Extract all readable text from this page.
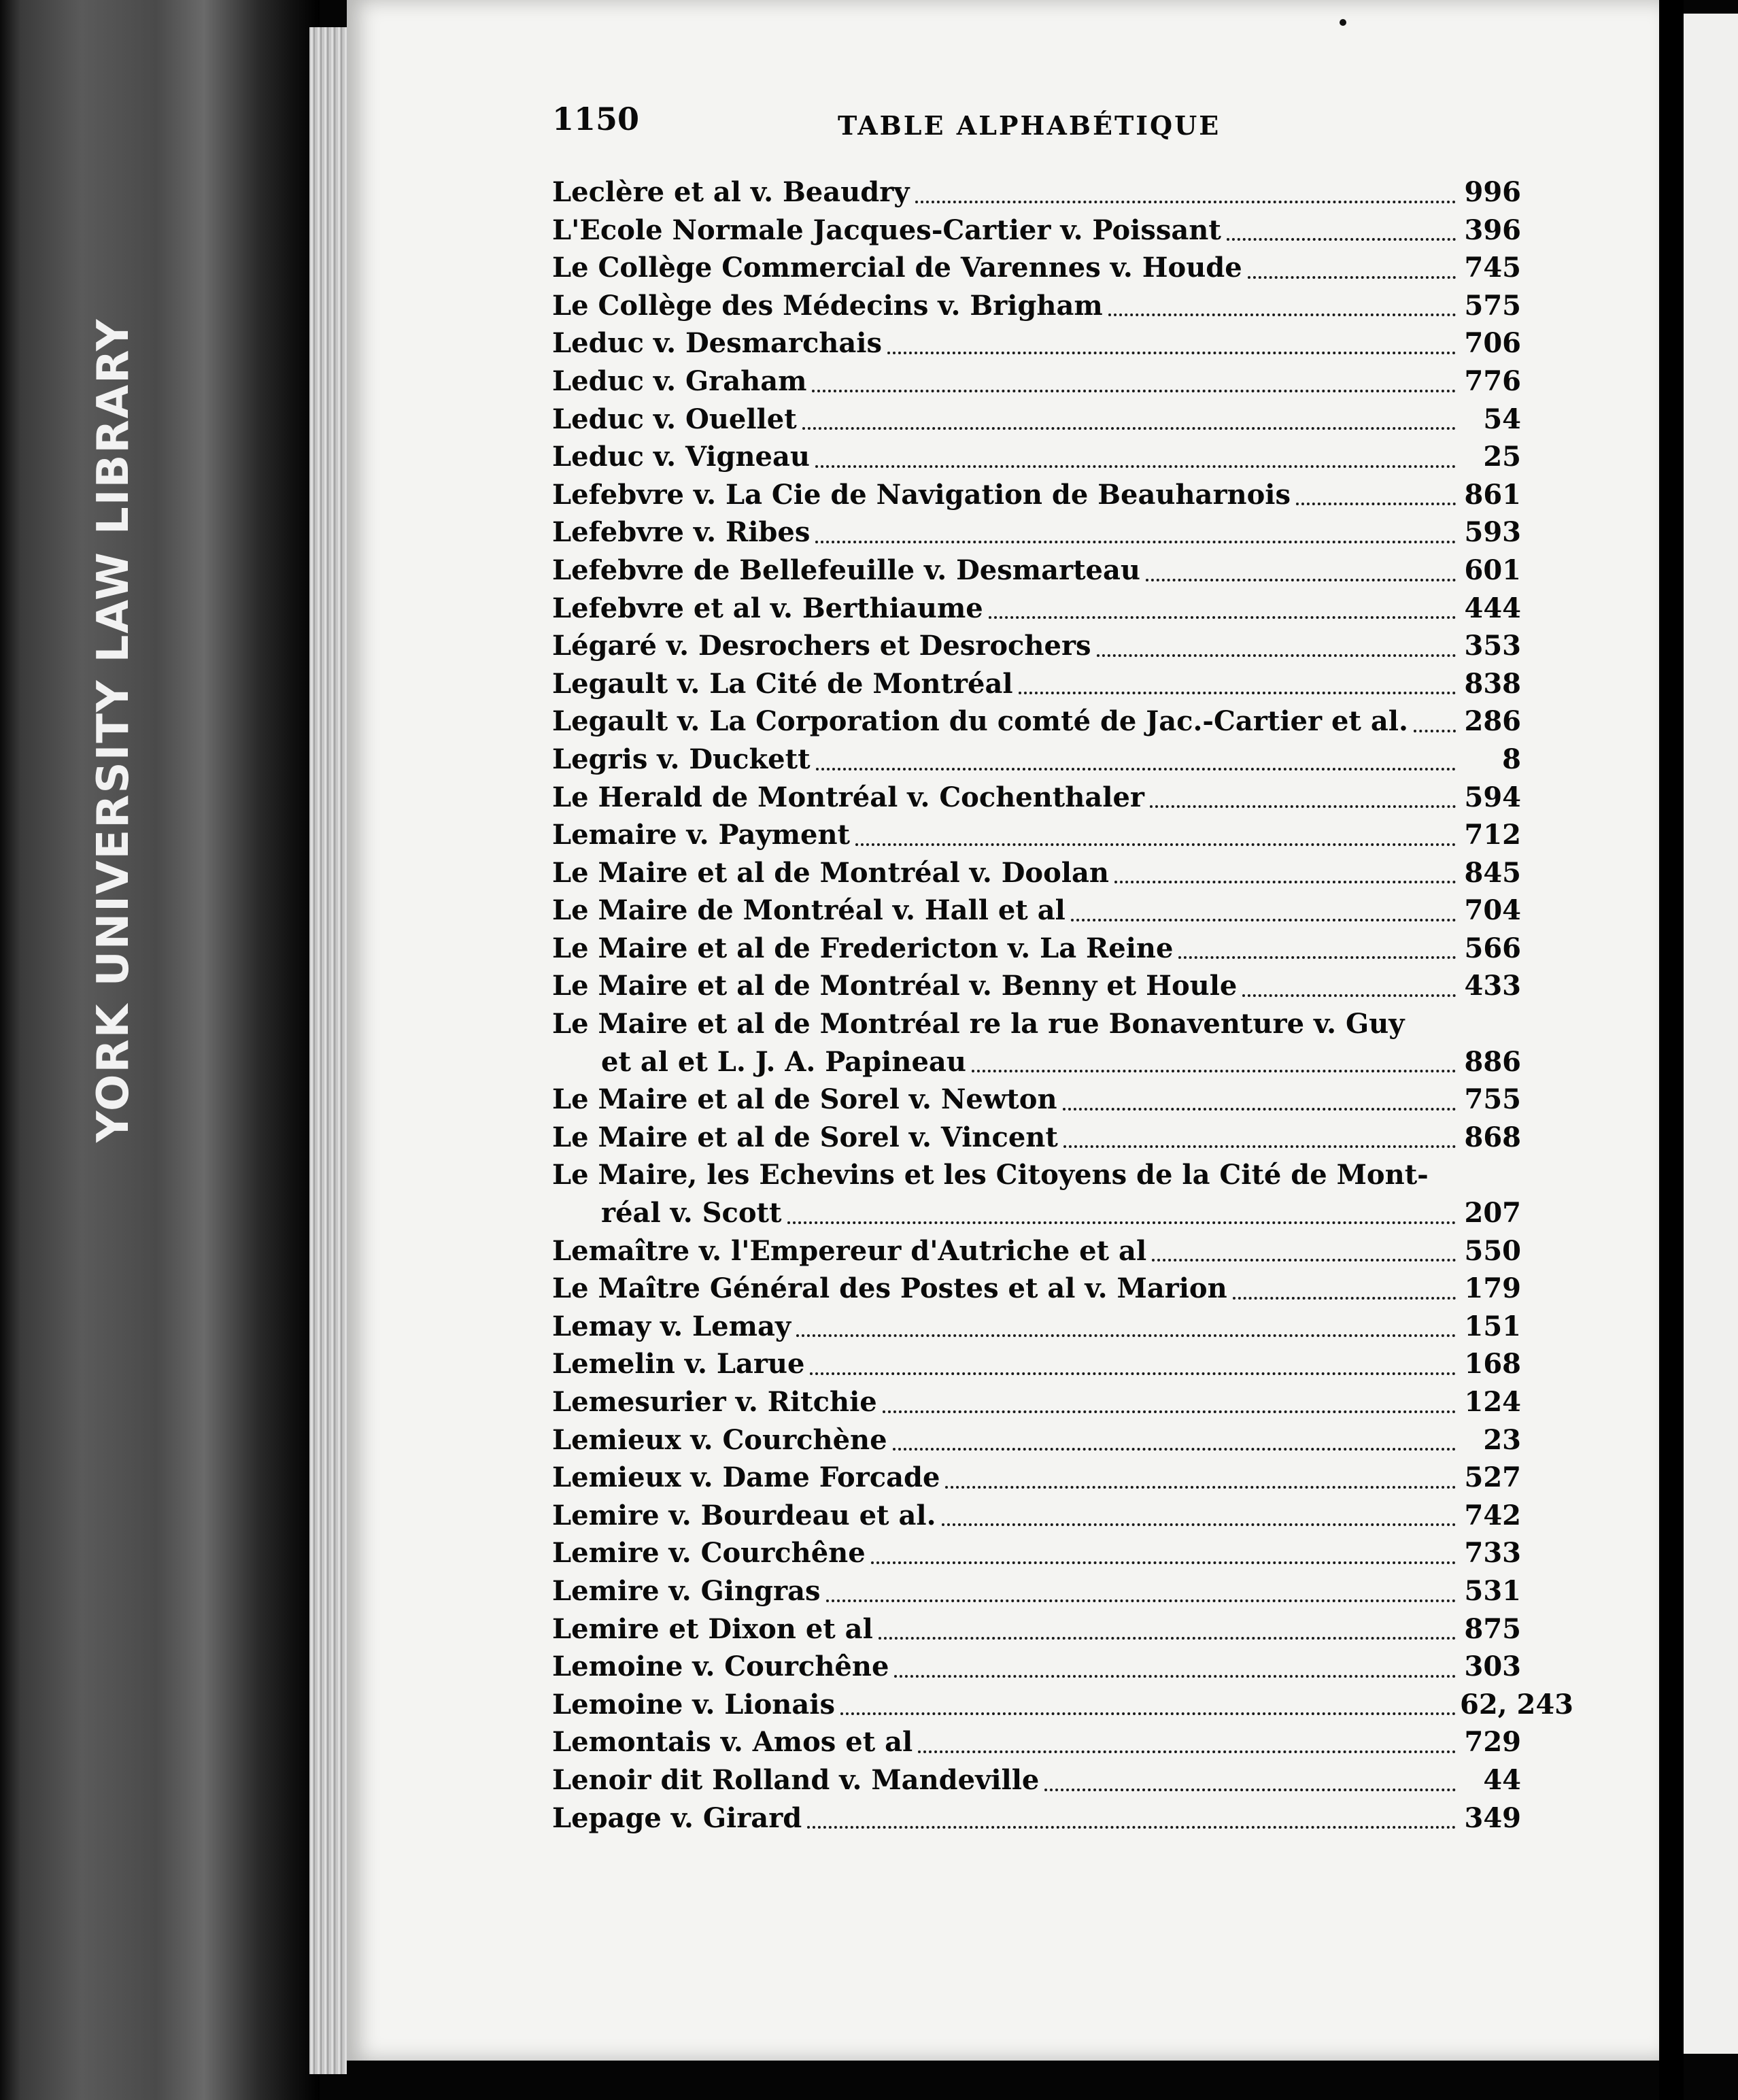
YORK UNIVERSITY LAW LIBRARY
1150	TABLE ALPHABÉTIQUE
Leclère et al v. Beaudry	996
L'Ecole Normale Jacques-Cartier v. Poissant	396
Le Collège Commercial de Varennes v. Houde	745
Le Collège des Médecins v. Brigham	575
Leduc v. Desmarchais	706
Leduc v. Graham	776
Leduc v. Ouellet	54
Leduc v. Vigneau	25
Lefebvre v. La Cie de Navigation de Beauharnois	861
Lefebvre v. Ribes	593
Lefebvre de Bellefeuille v. Desmarteau	601
Lefebvre et al v. Berthiaume	444
Légaré v. Desrochers et Desrochers	353
Legault v. La Cité de Montréal	838
Legault v. La Corporation du comté de Jac.-Cartier et al. 286
Legris v. Duckett	8
Le Herald de Montréal v. Cochenthaler	594
Lemaire v. Payment	712
Le Maire et al de Montréal v. Doolan	845
Le Maire de Montréal v. Hall et al	704
Le Maire et al de Fredericton v. La Reine	566
Le Maire et al de Montréal v. Benny et Houle	433
Le Maire et al de Montréal re la rue Bonaventure v. Guy
et al et L. J. A. Papineau	886
Le Maire et al de Sorel v. Newton	755
Le Maire et al de Sorel v. Vincent	868
Le Maire, les Echevins et les Citoyens de la Cité de Mont-
réal v. Scott	207
Lemaître v. l'Empereur d'Autriche et al	550
Le Maître Général des Postes et al v. Marion	179
Lemay v. Lemay	151
Lemelin v. Larue	168
Lemesurier v. Ritchie	124
Lemieux v. Courchène	23
Lemieux v. Dame Forcade	527
Lemire v. Bourdeau et al.	742
Lemire v. Courchêne	733
Lemire v. Gingras	531
Lemire et Dixon et al	875
Lemoine v. Courchêne	303
Lemoine v. Lionais	62, 243
Lemontais v. Amos et al	729
Lenoir dit Rolland v. Mandeville	44
Lepage v. Girard	349
